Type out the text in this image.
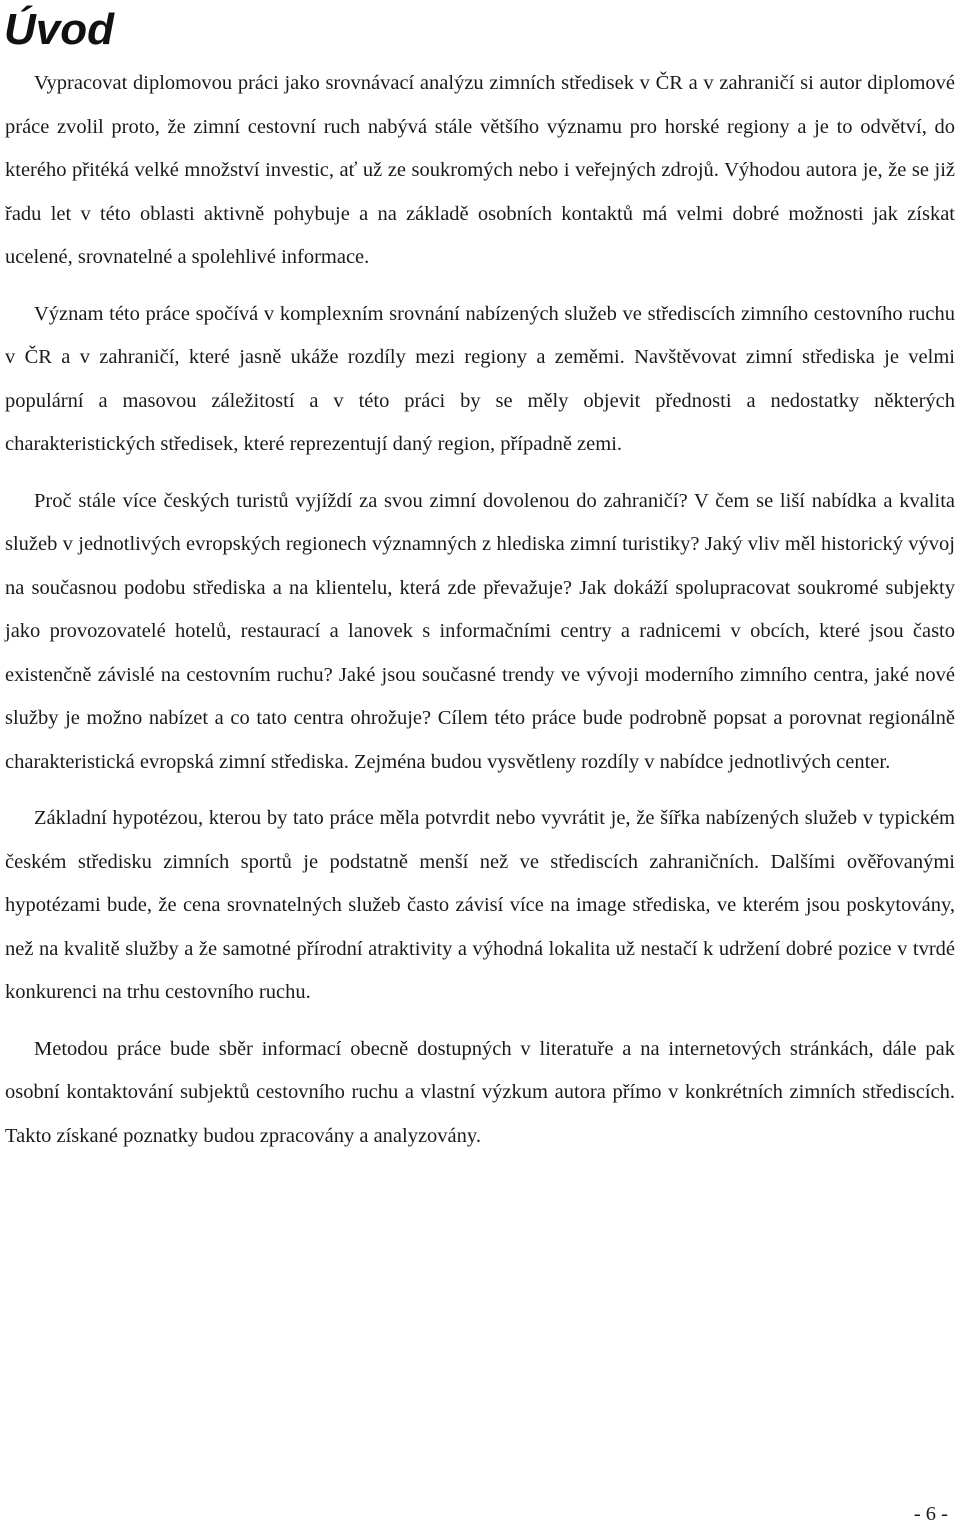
Úvod

Vypracovat diplomovou práci jako srovnávací analýzu zimních středisek v ČR a v zahraničí si autor diplomové práce zvolil proto, že zimní cestovní ruch nabývá stále většího významu pro horské regiony a je to odvětví, do kterého přitéká velké množství investic, ať už ze soukromých nebo i veřejných zdrojů. Výhodou autora je, že se již řadu let v této oblasti aktivně pohybuje a na základě osobních kontaktů má velmi dobré možnosti jak získat ucelené, srovnatelné a spolehlivé informace.

Význam této práce spočívá v komplexním srovnání nabízených služeb ve střediscích zimního cestovního ruchu v ČR a v zahraničí, které jasně ukáže rozdíly mezi regiony a zeměmi. Navštěvovat zimní střediska je velmi populární a masovou záležitostí a v této práci by se měly objevit přednosti a nedostatky některých charakteristických středisek, které reprezentují daný region, případně zemi.

Proč stále více českých turistů vyjíždí za svou zimní dovolenou do zahraničí? V čem se liší nabídka a kvalita služeb v jednotlivých evropských regionech významných z hlediska zimní turistiky? Jaký vliv měl historický vývoj na současnou podobu střediska a na klientelu, která zde převažuje? Jak dokáží spolupracovat soukromé subjekty jako provozovatelé hotelů, restaurací a lanovek s informačními centry a radnicemi v obcích, které jsou často existenčně závislé na cestovním ruchu? Jaké jsou současné trendy ve vývoji moderního zimního centra, jaké nové služby je možno nabízet a co tato centra ohrožuje? Cílem této práce bude podrobně popsat a porovnat regionálně charakteristická evropská zimní střediska. Zejména budou vysvětleny rozdíly v nabídce jednotlivých center.

Základní hypotézou, kterou by tato práce měla potvrdit nebo vyvrátit je, že šířka nabízených služeb v typickém českém středisku zimních sportů je podstatně menší než ve střediscích zahraničních. Dalšími ověřovanými hypotézami bude, že cena srovnatelných služeb často závisí více na image střediska, ve kterém jsou poskytovány, než na kvalitě služby a že samotné přírodní atraktivity a výhodná lokalita už nestačí k udržení dobré pozice v tvrdé konkurenci na trhu cestovního ruchu.

Metodou práce bude sběr informací obecně dostupných v literatuře a na internetových stránkách, dále pak osobní kontaktování subjektů cestovního ruchu a vlastní výzkum autora přímo v konkrétních zimních střediscích. Takto získané poznatky budou zpracovány a analyzovány.

- 6 -
